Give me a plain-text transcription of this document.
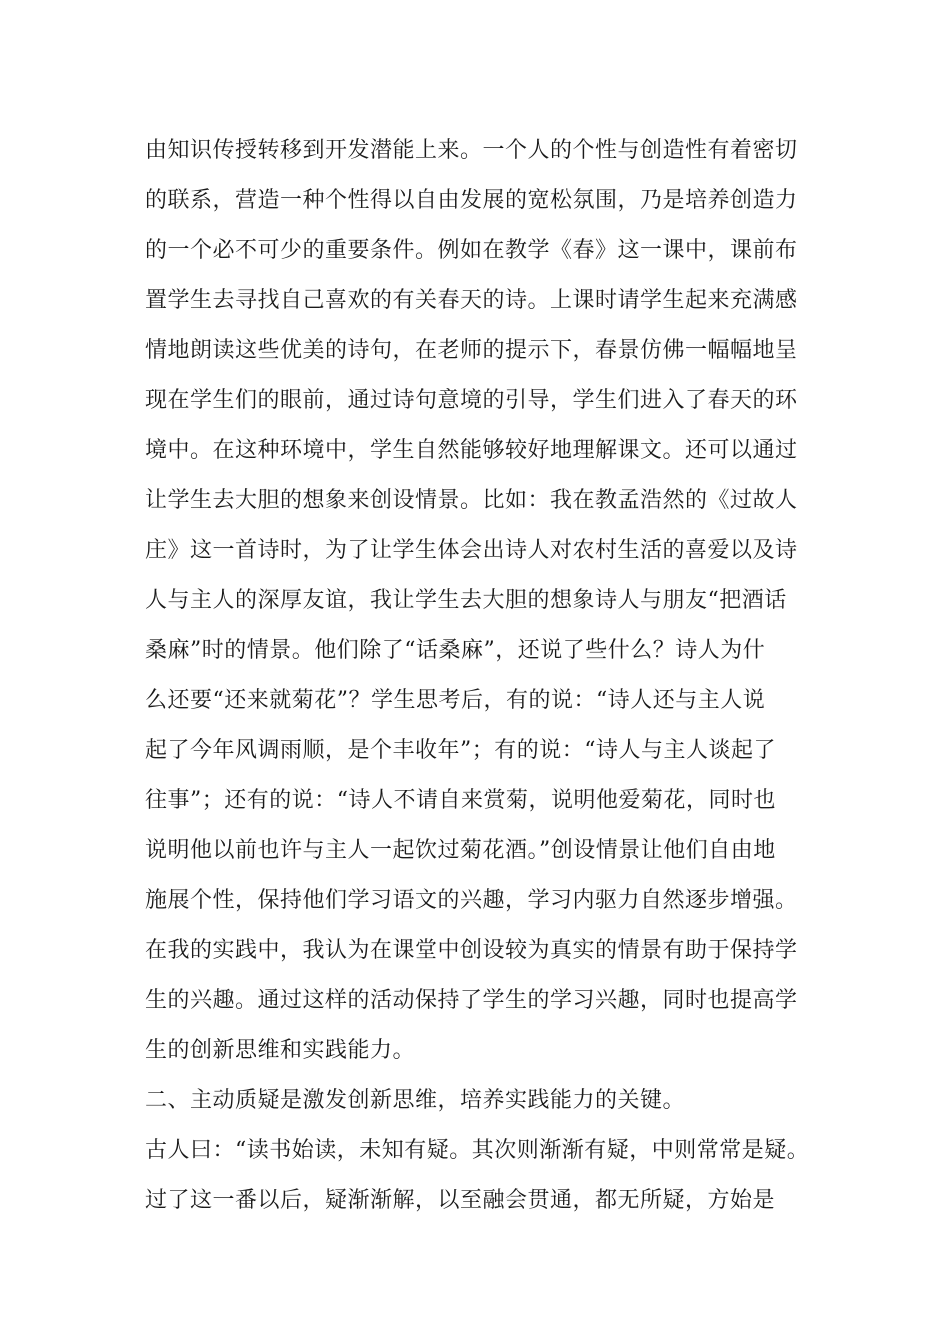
由知识传授转移到开发潜能上来。一个人的个性与创造性有着密切
的联系，营造一种个性得以自由发展的宽松氛围，乃是培养创造力
的一个必不可少的重要条件。例如在教学《春》这一课中，课前布
置学生去寻找自己喜欢的有关春天的诗。上课时请学生起来充满感
情地朗读这些优美的诗句，在老师的提示下，春景仿佛一幅幅地呈
现在学生们的眼前，通过诗句意境的引导，学生们进入了春天的环
境中。在这种环境中，学生自然能够较好地理解课文。还可以通过
让学生去大胆的想象来创设情景。比如：我在教孟浩然的《过故人
庄》这一首诗时，为了让学生体会出诗人对农村生活的喜爱以及诗
人与主人的深厚友谊，我让学生去大胆的想象诗人与朋友“把酒话
桑麻”时的情景。他们除了“话桑麻”，还说了些什么？诗人为什
么还要“还来就菊花”？学生思考后，有的说：“诗人还与主人说
起了今年风调雨顺，是个丰收年”；有的说：“诗人与主人谈起了
往事”；还有的说：“诗人不请自来赏菊，说明他爱菊花，同时也
说明他以前也许与主人一起饮过菊花酒。”创设情景让他们自由地
施展个性，保持他们学习语文的兴趣，学习内驱力自然逐步增强。
在我的实践中，我认为在课堂中创设较为真实的情景有助于保持学
生的兴趣。通过这样的活动保持了学生的学习兴趣，同时也提高学
生的创新思维和实践能力。
二、主动质疑是激发创新思维，培养实践能力的关键。
古人曰：“读书始读，未知有疑。其次则渐渐有疑，中则常常是疑。
过了这一番以后，疑渐渐解，以至融会贯通，都无所疑，方始是
